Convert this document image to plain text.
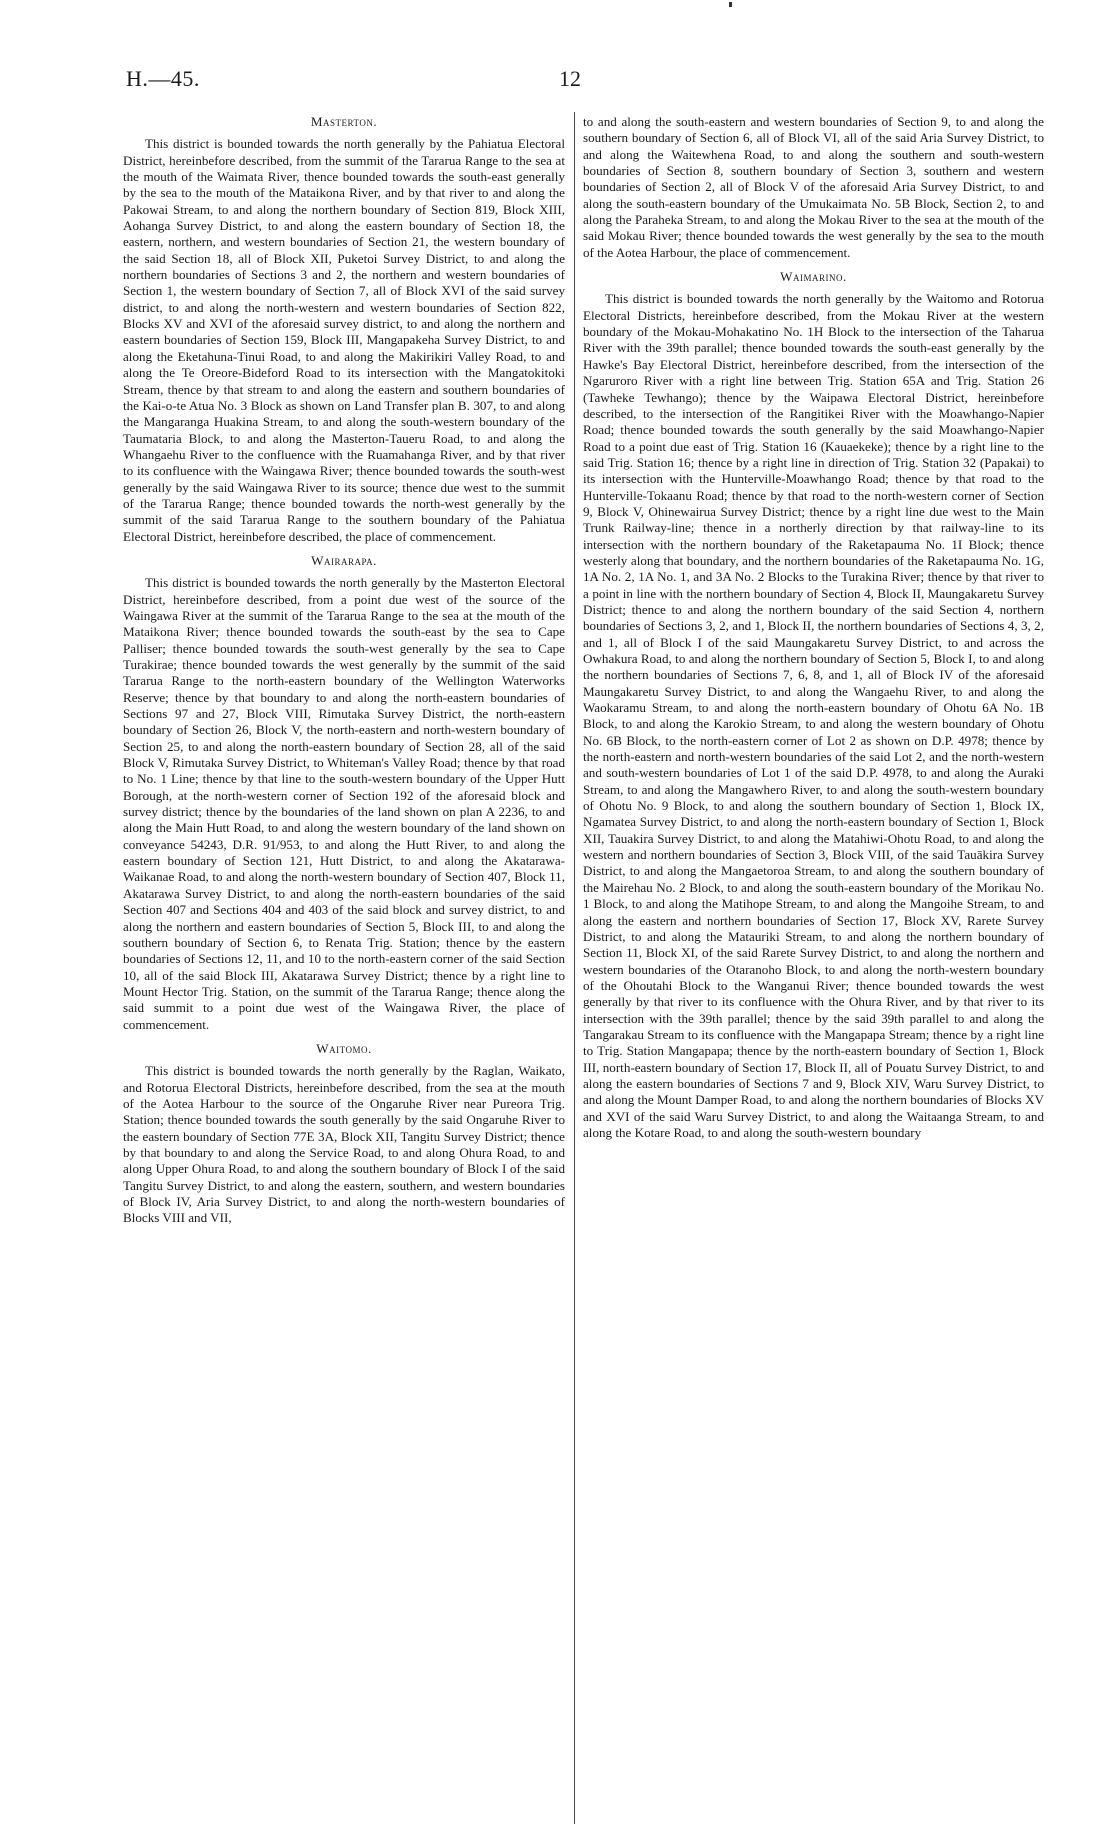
H.—45.	12

Masterton.

This district is bounded towards the north generally by the Pahiatua Electoral District, hereinbefore described, from the summit of the Tararua Range to the sea at the mouth of the Waimata River, thence bounded towards the south-east generally by the sea to the mouth of the Mataikona River, and by that river to and along the Pakowai Stream, to and along the northern boundary of Section 819, Block XIII, Aohanga Survey District, to and along the eastern boundary of Section 18, the eastern, northern, and western boundaries of Section 21, the western boundary of the said Section 18, all of Block XII, Puketoi Survey District, to and along the northern boundaries of Sections 3 and 2, the northern and western boundaries of Section 1, the western boundary of Section 7, all of Block XVI of the said survey district, to and along the north-western and western boundaries of Section 822, Blocks XV and XVI of the aforesaid survey district, to and along the northern and eastern boundaries of Section 159, Block III, Mangapakeha Survey District, to and along the Eketahuna-Tinui Road, to and along the Makirikiri Valley Road, to and along the Te Oreore-Bideford Road to its intersection with the Mangatokitoki Stream, thence by that stream to and along the eastern and southern boundaries of the Kai-o-te Atua No. 3 Block as shown on Land Transfer plan B. 307, to and along the Mangaranga Huakina Stream, to and along the south-western boundary of the Taumataria Block, to and along the Masterton-Taueru Road, to and along the Whangaehu River to the confluence with the Ruamahanga River, and by that river to its confluence with the Waingawa River; thence bounded towards the south-west generally by the said Waingawa River to its source; thence due west to the summit of the Tararua Range; thence bounded towards the north-west generally by the summit of the said Tararua Range to the southern boundary of the Pahiatua Electoral District, hereinbefore described, the place of commencement.

Wairarapa.

This district is bounded towards the north generally by the Masterton Electoral District, hereinbefore described, from a point due west of the source of the Waingawa River at the summit of the Tararua Range to the sea at the mouth of the Mataikona River; thence bounded towards the south-east by the sea to Cape Palliser; thence bounded towards the south-west generally by the sea to Cape Turakirae; thence bounded towards the west generally by the summit of the said Tararua Range to the north-eastern boundary of the Wellington Waterworks Reserve; thence by that boundary to and along the north-eastern boundaries of Sections 97 and 27, Block VIII, Rimutaka Survey District, the north-eastern boundary of Section 26, Block V, the north-eastern and north-western boundary of Section 25, to and along the north-eastern boundary of Section 28, all of the said Block V, Rimutaka Survey District, to Whiteman's Valley Road; thence by that road to No. 1 Line; thence by that line to the south-western boundary of the Upper Hutt Borough, at the north-western corner of Section 192 of the aforesaid block and survey district; thence by the boundaries of the land shown on plan A 2236, to and along the Main Hutt Road, to and along the western boundary of the land shown on conveyance 54243, D.R. 91/953, to and along the Hutt River, to and along the eastern boundary of Section 121, Hutt District, to and along the Akatarawa-Waikanae Road, to and along the north-western boundary of Section 407, Block 11, Akatarawa Survey District, to and along the north-eastern boundaries of the said Section 407 and Sections 404 and 403 of the said block and survey district, to and along the northern and eastern boundaries of Section 5, Block III, to and along the southern boundary of Section 6, to Renata Trig. Station; thence by the eastern boundaries of Sections 12, 11, and 10 to the north-eastern corner of the said Section 10, all of the said Block III, Akatarawa Survey District; thence by a right line to Mount Hector Trig. Station, on the summit of the Tararua Range; thence along the said summit to a point due west of the Waingawa River, the place of commencement.

Waitomo.

This district is bounded towards the north generally by the Raglan, Waikato, and Rotorua Electoral Districts, hereinbefore described, from the sea at the mouth of the Aotea Harbour to the source of the Ongaruhe River near Pureora Trig. Station; thence bounded towards the south generally by the said Ongaruhe River to the eastern boundary of Section 77E 3A, Block XII, Tangitu Survey District; thence by that boundary to and along the Service Road, to and along Ohura Road, to and along Upper Ohura Road, to and along the southern boundary of Block I of the said Tangitu Survey District, to and along the eastern, southern, and western boundaries of Block IV, Aria Survey District, to and along the north-western boundaries of Blocks VIII and VII,

to and along the south-eastern and western boundaries of Section 9, to and along the southern boundary of Section 6, all of Block VI, all of the said Aria Survey District, to and along the Waitewhena Road, to and along the southern and south-western boundaries of Section 8, southern boundary of Section 3, southern and western boundaries of Section 2, all of Block V of the aforesaid Aria Survey District, to and along the south-eastern boundary of the Umukaimata No. 5B Block, Section 2, to and along the Paraheka Stream, to and along the Mokau River to the sea at the mouth of the said Mokau River; thence bounded towards the west generally by the sea to the mouth of the Aotea Harbour, the place of commencement.

Waimarino.

This district is bounded towards the north generally by the Waitomo and Rotorua Electoral Districts, hereinbefore described, from the Mokau River at the western boundary of the Mokau-Mohakatino No. 1H Block to the intersection of the Taharua River with the 39th parallel; thence bounded towards the south-east generally by the Hawke's Bay Electoral District, hereinbefore described, from the intersection of the Ngaruroro River with a right line between Trig. Station 65A and Trig. Station 26 (Tawheke Tewhango); thence by the Waipawa Electoral District, hereinbefore described, to the intersection of the Rangitikei River with the Moawhango-Napier Road; thence bounded towards the south generally by the said Moawhango-Napier Road to a point due east of Trig. Station 16 (Kauaekeke); thence by a right line to the said Trig. Station 16; thence by a right line in direction of Trig. Station 32 (Papakai) to its intersection with the Hunterville-Moawhango Road; thence by that road to the Hunterville-Tokaanu Road; thence by that road to the north-western corner of Section 9, Block V, Ohinewairua Survey District; thence by a right line due west to the Main Trunk Railway-line; thence in a northerly direction by that railway-line to its intersection with the northern boundary of the Raketapauma No. 1I Block; thence westerly along that boundary, and the northern boundaries of the Raketapauma No. 1G, 1A No. 2, 1A No. 1, and 3A No. 2 Blocks to the Turakina River; thence by that river to a point in line with the northern boundary of Section 4, Block II, Maungakaretu Survey District; thence to and along the northern boundary of the said Section 4, northern boundaries of Sections 3, 2, and 1, Block II, the northern boundaries of Sections 4, 3, 2, and 1, all of Block I of the said Maungakaretu Survey District, to and across the Owhakura Road, to and along the northern boundary of Section 5, Block I, to and along the northern boundaries of Sections 7, 6, 8, and 1, all of Block IV of the aforesaid Maungakaretu Survey District, to and along the Wangaehu River, to and along the Waokaramu Stream, to and along the north-eastern boundary of Ohotu 6A No. 1B Block, to and along the Karokio Stream, to and along the western boundary of Ohotu No. 6B Block, to the north-eastern corner of Lot 2 as shown on D.P. 4978; thence by the north-eastern and north-western boundaries of the said Lot 2, and the north-western and south-western boundaries of Lot 1 of the said D.P. 4978, to and along the Auraki Stream, to and along the Mangawhero River, to and along the south-western boundary of Ohotu No. 9 Block, to and along the southern boundary of Section 1, Block IX, Ngamatea Survey District, to and along the north-eastern boundary of Section 1, Block XII, Tauakira Survey District, to and along the Matahiwi-Ohotu Road, to and along the western and northern boundaries of Section 3, Block VIII, of the said Tauākira Survey District, to and along the Mangaetoroa Stream, to and along the southern boundary of the Mairehau No. 2 Block, to and along the south-eastern boundary of the Morikau No. 1 Block, to and along the Matihope Stream, to and along the Mangoihe Stream, to and along the eastern and northern boundaries of Section 17, Block XV, Rarete Survey District, to and along the Matauriki Stream, to and along the northern boundary of Section 11, Block XI, of the said Rarete Survey District, to and along the northern and western boundaries of the Otaranoho Block, to and along the north-western boundary of the Ohoutahi Block to the Wanganui River; thence bounded towards the west generally by that river to its confluence with the Ohura River, and by that river to its intersection with the 39th parallel; thence by the said 39th parallel to and along the Tangarakau Stream to its confluence with the Mangapapa Stream; thence by a right line to Trig. Station Mangapapa; thence by the north-eastern boundary of Section 1, Block III, north-eastern boundary of Section 17, Block II, all of Pouatu Survey District, to and along the eastern boundaries of Sections 7 and 9, Block XIV, Waru Survey District, to and along the Mount Damper Road, to and along the northern boundaries of Blocks XV and XVI of the said Waru Survey District, to and along the Waitaanga Stream, to and along the Kotare Road, to and along the south-western boundary
